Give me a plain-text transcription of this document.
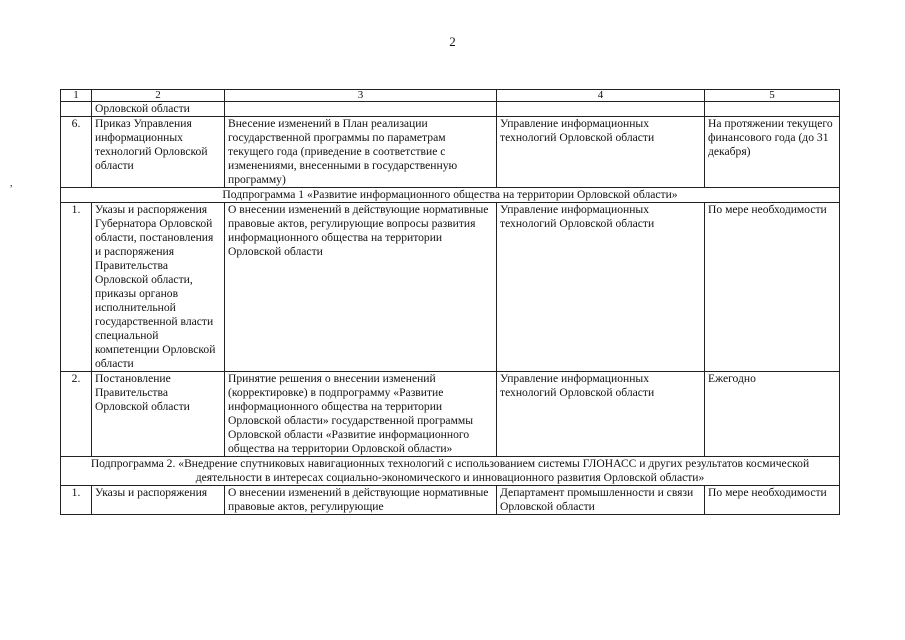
2
,
1	2	3	4	5
	Орловской области			
6.	Приказ Управления информационных технологий Орловской области	Внесение изменений в План реализации государственной программы по параметрам текущего года (приведение в соответствие с изменениями, внесенными в государственную программу)	Управление информационных технологий Орловской области	На протяжении текущего финансового года (до 31 декабря)
Подпрограмма 1 «Развитие информационного общества на территории Орловской области»				
1.	Указы и распоряжения Губернатора Орловской области, постановления и распоряжения Правительства Орловской области, приказы органов исполнительной государственной власти специальной компетенции Орловской области	О внесении изменений в действующие нормативные правовые актов, регулирующие вопросы развития информационного общества на территории Орловской области	Управление информационных технологий Орловской области	По мере необходимости
2.	Постановление Правительства Орловской области	Принятие решения о внесении изменений (корректировке) в подпрограмму «Развитие информационного общества на территории Орловской области» государственной программы Орловской области «Развитие информационного общества на территории Орловской области»	Управление информационных технологий Орловской области	Ежегодно
Подпрограмма 2. «Внедрение спутниковых навигационных технологий с использованием системы ГЛОНАСС и других результатов космической деятельности в интересах социально-экономического и инновационного развития Орловской области»				
1.	Указы и распоряжения	О внесении изменений в действующие нормативные правовые актов, регулирующие	Департамент промышленности и связи Орловской области	По мере необходимости
